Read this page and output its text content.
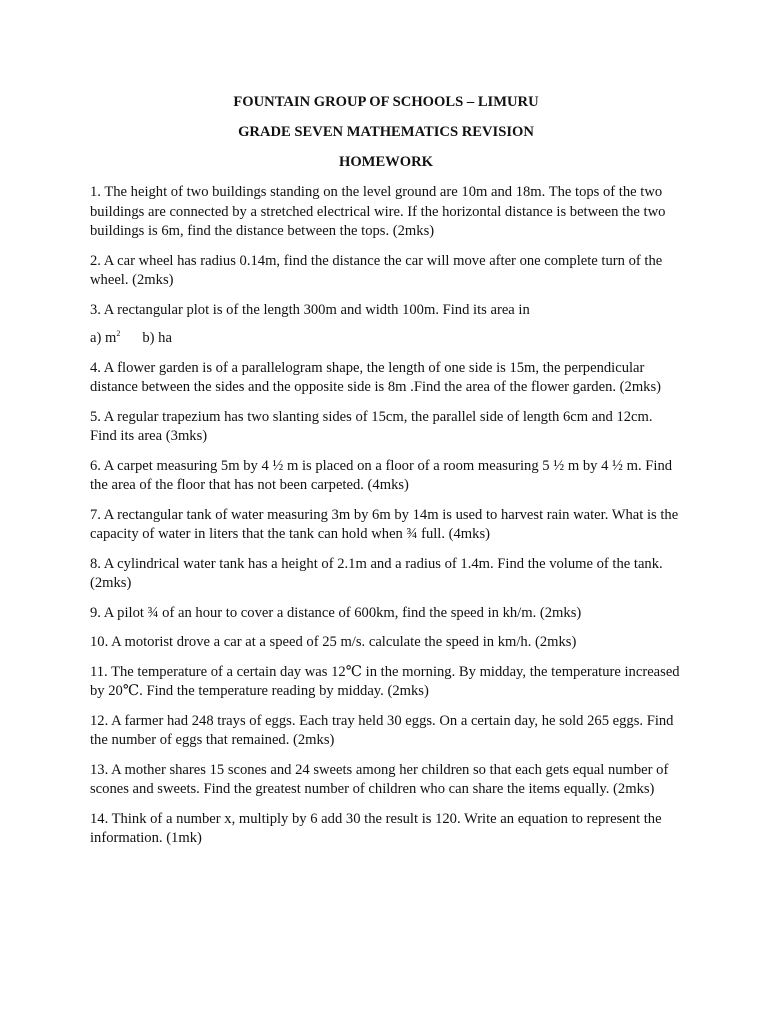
FOUNTAIN GROUP OF SCHOOLS – LIMURU
GRADE SEVEN MATHEMATICS REVISION
HOMEWORK

1. The height of two buildings standing on the level ground are 10m and 18m. The tops of the two buildings are connected by a stretched electrical wire. If the horizontal distance is between the two buildings is 6m, find the distance between the tops. (2mks)

2. A car wheel has radius 0.14m, find the distance the car will move after one complete turn of the wheel. (2mks)

3. A rectangular plot is of the length 300m and width 100m. Find its area in

a) $m^2$ b) ha

4. A flower garden is of a parallelogram shape, the length of one side is 15m, the perpendicular distance between the sides and the opposite side is 8m .Find the area of the flower garden. (2mks)

5. A regular trapezium has two slanting sides of 15cm, the parallel side of length 6cm and 12cm. Find its area (3mks)

6. A carpet measuring 5m by 4 ½ m is placed on a floor of a room measuring 5 ½ m by 4 ½ m. Find the area of the floor that has not been carpeted. (4mks)

7. A rectangular tank of water measuring 3m by 6m by 14m is used to harvest rain water. What is the capacity of water in liters that the tank can hold when ¾ full. (4mks)

8. A cylindrical water tank has a height of 2.1m and a radius of 1.4m. Find the volume of the tank. (2mks)

9. A pilot ¾ of an hour to cover a distance of 600km, find the speed in kh/m. (2mks)

10. A motorist drove a car at a speed of 25 m/s. calculate the speed in km/h. (2mks)

11. The temperature of a certain day was 12℃ in the morning. By midday, the temperature increased by 20℃. Find the temperature reading by midday. (2mks)

12. A farmer had 248 trays of eggs. Each tray held 30 eggs. On a certain day, he sold 265 eggs. Find the number of eggs that remained. (2mks)

13. A mother shares 15 scones and 24 sweets among her children so that each gets equal number of scones and sweets. Find the greatest number of children who can share the items equally. (2mks)

14. Think of a number x, multiply by 6 add 30 the result is 120. Write an equation to represent the information. (1mk)
